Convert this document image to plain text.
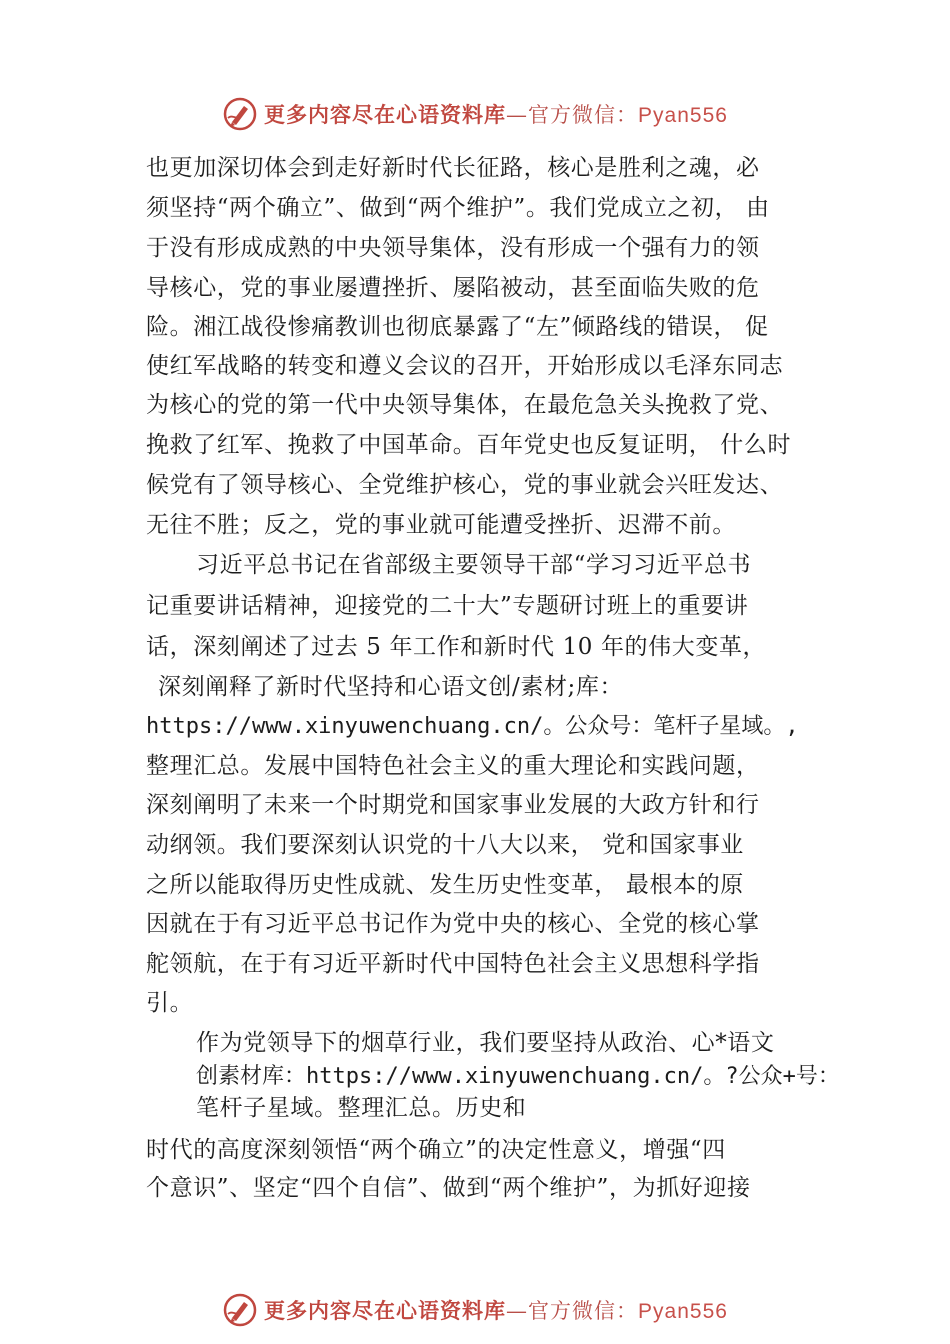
更多内容尽在心语资料库—官方微信：Pyan556
也更加深切体会到走好新时代长征路，核心是胜利之魂，必
须坚持“两个确立”、做到“两个维护”。我们党成立之初， 由
于没有形成成熟的中央领导集体，没有形成一个强有力的领
导核心，党的事业屡遭挫折、屡陷被动，甚至面临失败的危
险。湘江战役惨痛教训也彻底暴露了“左”倾路线的错误， 促
使红军战略的转变和遵义会议的召开，开始形成以毛泽东同志
为核心的党的第一代中央领导集体，在最危急关头挽救了党、
挽救了红军、挽救了中国革命。百年党史也反复证明， 什么时
候党有了领导核心、全党维护核心，党的事业就会兴旺发达、
无往不胜；反之，党的事业就可能遭受挫折、迟滞不前。
习近平总书记在省部级主要领导干部“学习习近平总书
记重要讲话精神，迎接党的二十大”专题研讨班上的重要讲
话，深刻阐述了过去 5 年工作和新时代 10 年的伟大变革，
深刻阐释了新时代坚持和心语文创/素材;库：
https://www.xinyuwenchuang.cn/。公众号：笔杆子星域。,
整理汇总。发展中国特色社会主义的重大理论和实践问题，
深刻阐明了未来一个时期党和国家事业发展的大政方针和行
动纲领。我们要深刻认识党的十八大以来， 党和国家事业
之所以能取得历史性成就、发生历史性变革， 最根本的原
因就在于有习近平总书记作为党中央的核心、全党的核心掌
舵领航，在于有习近平新时代中国特色社会主义思想科学指
引。
作为党领导下的烟草行业，我们要坚持从政治、心*语文
创素材库：https://www.xinyuwenchuang.cn/。?公众+号：
笔杆子星域。整理汇总。历史和
时代的高度深刻领悟“两个确立”的决定性意义，增强“四
个意识”、坚定“四个自信”、做到“两个维护”，为抓好迎接
更多内容尽在心语资料库—官方微信：Pyan556
